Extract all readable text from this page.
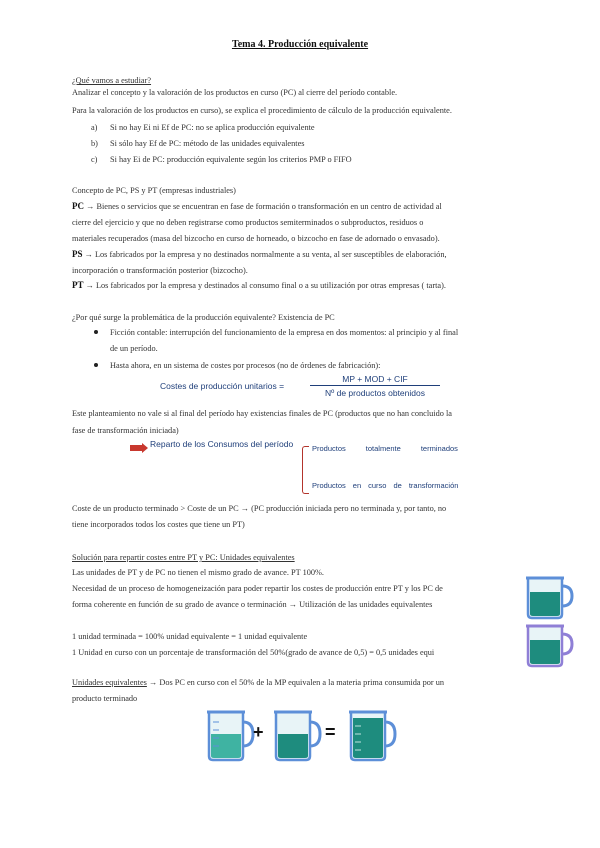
Tema 4. Producción equivalente
¿Qué vamos a estudiar?
Analizar el concepto y la valoración de los productos en curso (PC) al cierre del período contable.
Para la valoración de los productos en curso), se explica el procedimiento de cálculo de la producción equivalente.
a) Si no hay Ei ni Ef de PC: no se aplica producción equivalente
b) Si sólo hay Ef de PC: método de las unidades equivalentes
c) Si hay Ei de PC: producción equivalente según los criterios PMP o FIFO
Concepto de PC, PS y PT (empresas industriales)
PC → Bienes o servicios que se encuentran en fase de formación o transformación en un centro de actividad al
cierre del ejercicio y que no deben registrarse como productos semiterminados o subproductos, residuos o
materiales recuperados (masa del bizcocho en curso de horneado, o bizcocho en fase de adornado o envasado).
PS → Los fabricados por la empresa y no destinados normalmente a su venta, al ser susceptibles de elaboración,
incorporación o transformación posterior (bizcocho).
PT → Los fabricados por la empresa y destinados al consumo final o a su utilización por otras empresas ( tarta).
¿Por qué surge la problemática de la producción equivalente? Existencia de PC
Ficción contable: interrupción del funcionamiento de la empresa en dos momentos: al principio y al final
de un período.
Hasta ahora, en un sistema de costes por procesos (no de órdenes de fabricación):
Costes de producción unitarios =
MP + MOD + CIF
Nº de productos obtenidos
Este planteamiento no vale si al final del período hay existencias finales de PC (productos que no han concluido la
fase de transformación iniciada)
Reparto de los Consumos del período	Productos	totalmente	terminados
Productos en curso de transformación
Coste de un producto terminado > Coste de un PC → (PC producción iniciada pero no terminada y, por tanto, no
tiene incorporados todos los costes que tiene un PT)
Solución para repartir costes entre PT y PC: Unidades equivalentes
Las unidades de PT y de PC no tienen el mismo grado de avance. PT 100%.
Necesidad de un proceso de homogeneización para poder repartir los costes de producción entre PT y los PC de
forma coherente en función de su grado de avance o terminación → Utilización de las unidades equivalentes
1 unidad terminada = 100% unidad equivalente = 1 unidad equivalente
1 Unidad en curso con un porcentaje de transformación del 50%(grado de avance de 0,5) = 0,5 unidades equi
Unidades equivalentes → Dos PC en curso con el 50% de la MP equivalen a la materia prima consumida por un
producto terminado
+	=
